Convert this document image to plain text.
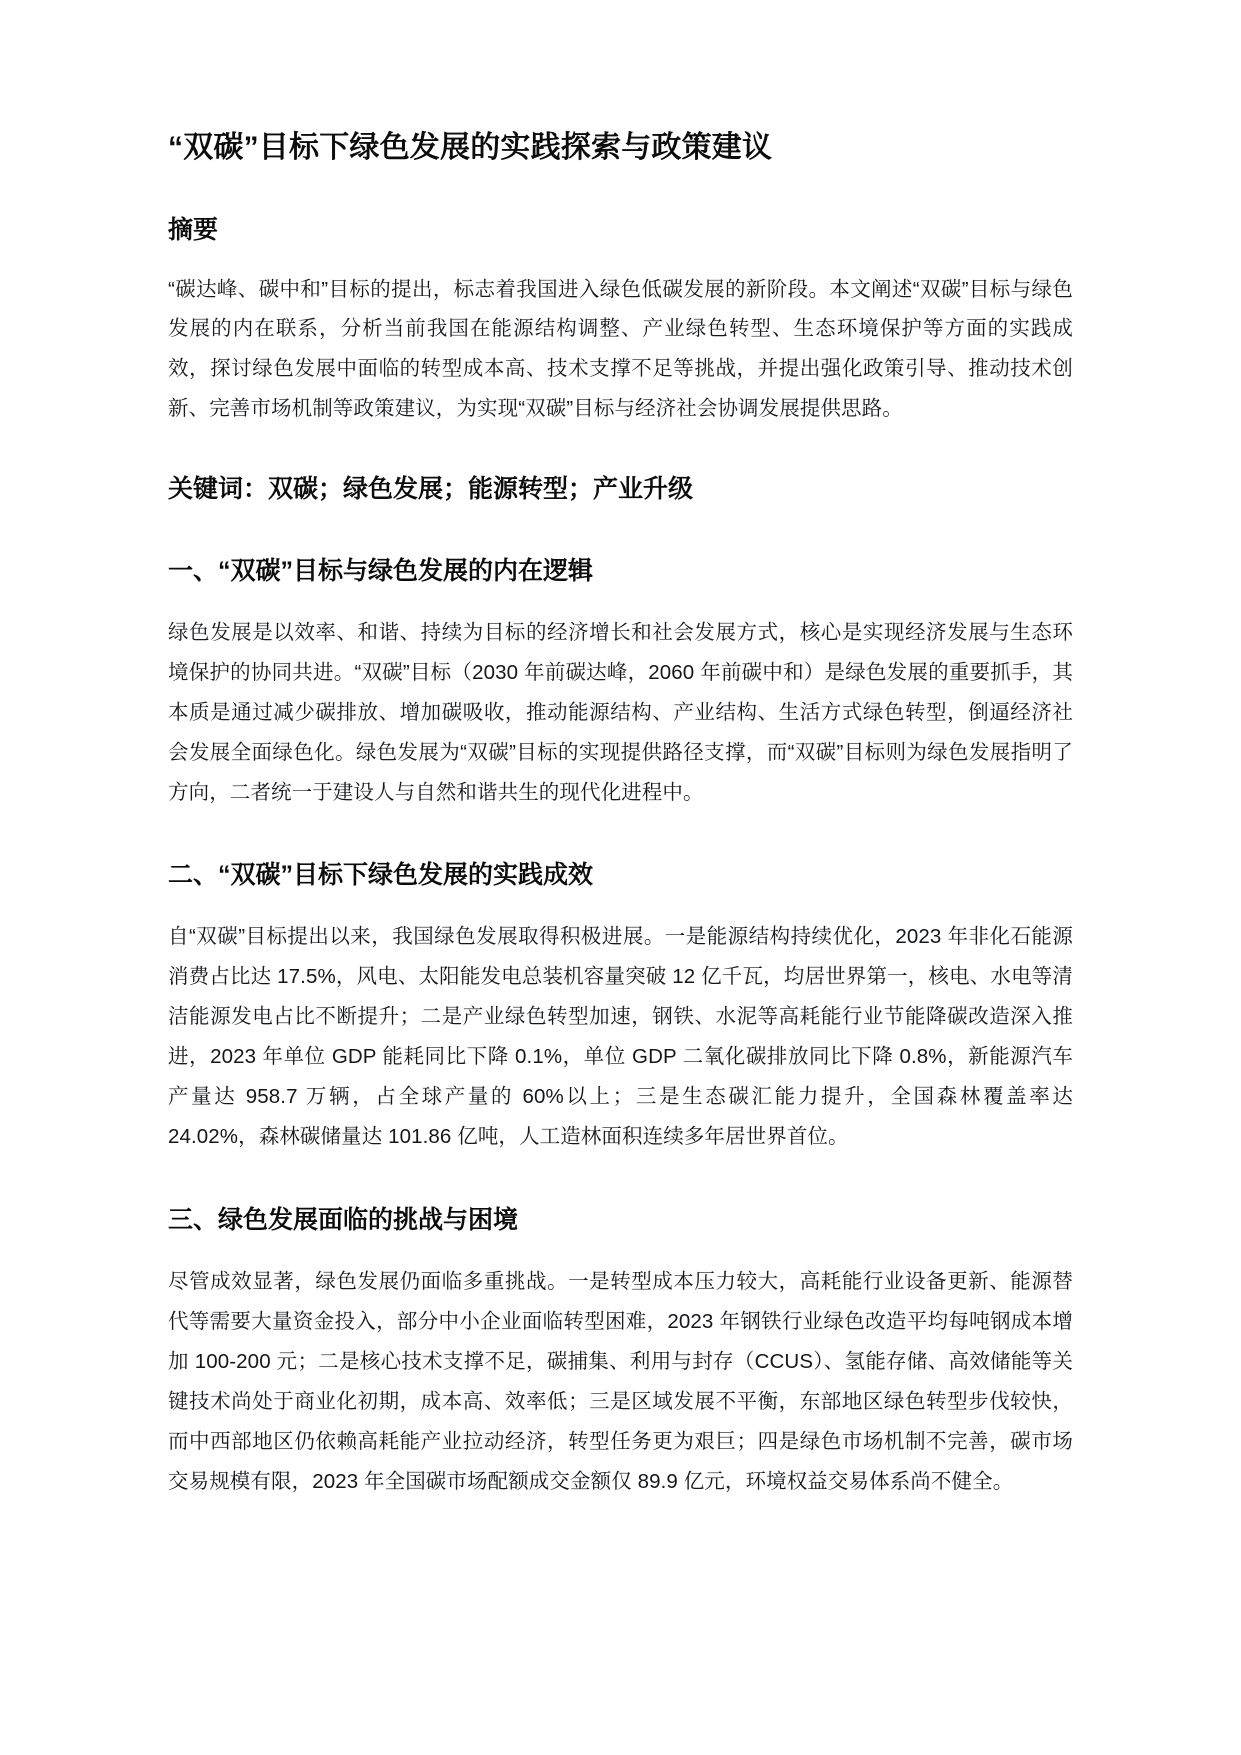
“双碳”目标下绿色发展的实践探索与政策建议
摘要

“碳达峰、碳中和”目标的提出，标志着我国进入绿色低碳发展的新阶段。本文阐述“双碳”目标与绿色发展的内在联系，分析当前我国在能源结构调整、产业绿色转型、生态环境保护等方面的实践成效，探讨绿色发展中面临的转型成本高、技术支撑不足等挑战，并提出强化政策引导、推动技术创新、完善市场机制等政策建议，为实现“双碳”目标与经济社会协调发展提供思路。

关键词：双碳；绿色发展；能源转型；产业升级
一、“双碳”目标与绿色发展的内在逻辑

绿色发展是以效率、和谐、持续为目标的经济增长和社会发展方式，核心是实现经济发展与生态环境保护的协同共进。“双碳”目标（2030 年前碳达峰，2060 年前碳中和）是绿色发展的重要抓手，其本质是通过减少碳排放、增加碳吸收，推动能源结构、产业结构、生活方式绿色转型，倒逼经济社会发展全面绿色化。绿色发展为“双碳”目标的实现提供路径支撑，而“双碳”目标则为绿色发展指明了方向，二者统一于建设人与自然和谐共生的现代化进程中。

二、“双碳”目标下绿色发展的实践成效

自“双碳”目标提出以来，我国绿色发展取得积极进展。一是能源结构持续优化，2023 年非化石能源消费占比达 17.5%，风电、太阳能发电总装机容量突破 12 亿千瓦，均居世界第一，核电、水电等清洁能源发电占比不断提升；二是产业绿色转型加速，钢铁、水泥等高耗能行业节能降碳改造深入推进，2023 年单位 GDP 能耗同比下降 0.1%，单位 GDP 二氧化碳排放同比下降 0.8%，新能源汽车产量达 958.7 万辆，占全球产量的 60%以上；三是生态碳汇能力提升，全国森林覆盖率达 24.02%，森林碳储量达 101.86 亿吨，人工造林面积连续多年居世界首位。

三、绿色发展面临的挑战与困境

尽管成效显著，绿色发展仍面临多重挑战。一是转型成本压力较大，高耗能行业设备更新、能源替代等需要大量资金投入，部分中小企业面临转型困难，2023 年钢铁行业绿色改造平均每吨钢成本增加 100-200 元；二是核心技术支撑不足，碳捕集、利用与封存（CCUS）、氢能存储、高效储能等关键技术尚处于商业化初期，成本高、效率低；三是区域发展不平衡，东部地区绿色转型步伐较快，而中西部地区仍依赖高耗能产业拉动经济，转型任务更为艰巨；四是绿色市场机制不完善，碳市场交易规模有限，2023 年全国碳市场配额成交金额仅 89.9 亿元，环境权益交易体系尚不健全。
